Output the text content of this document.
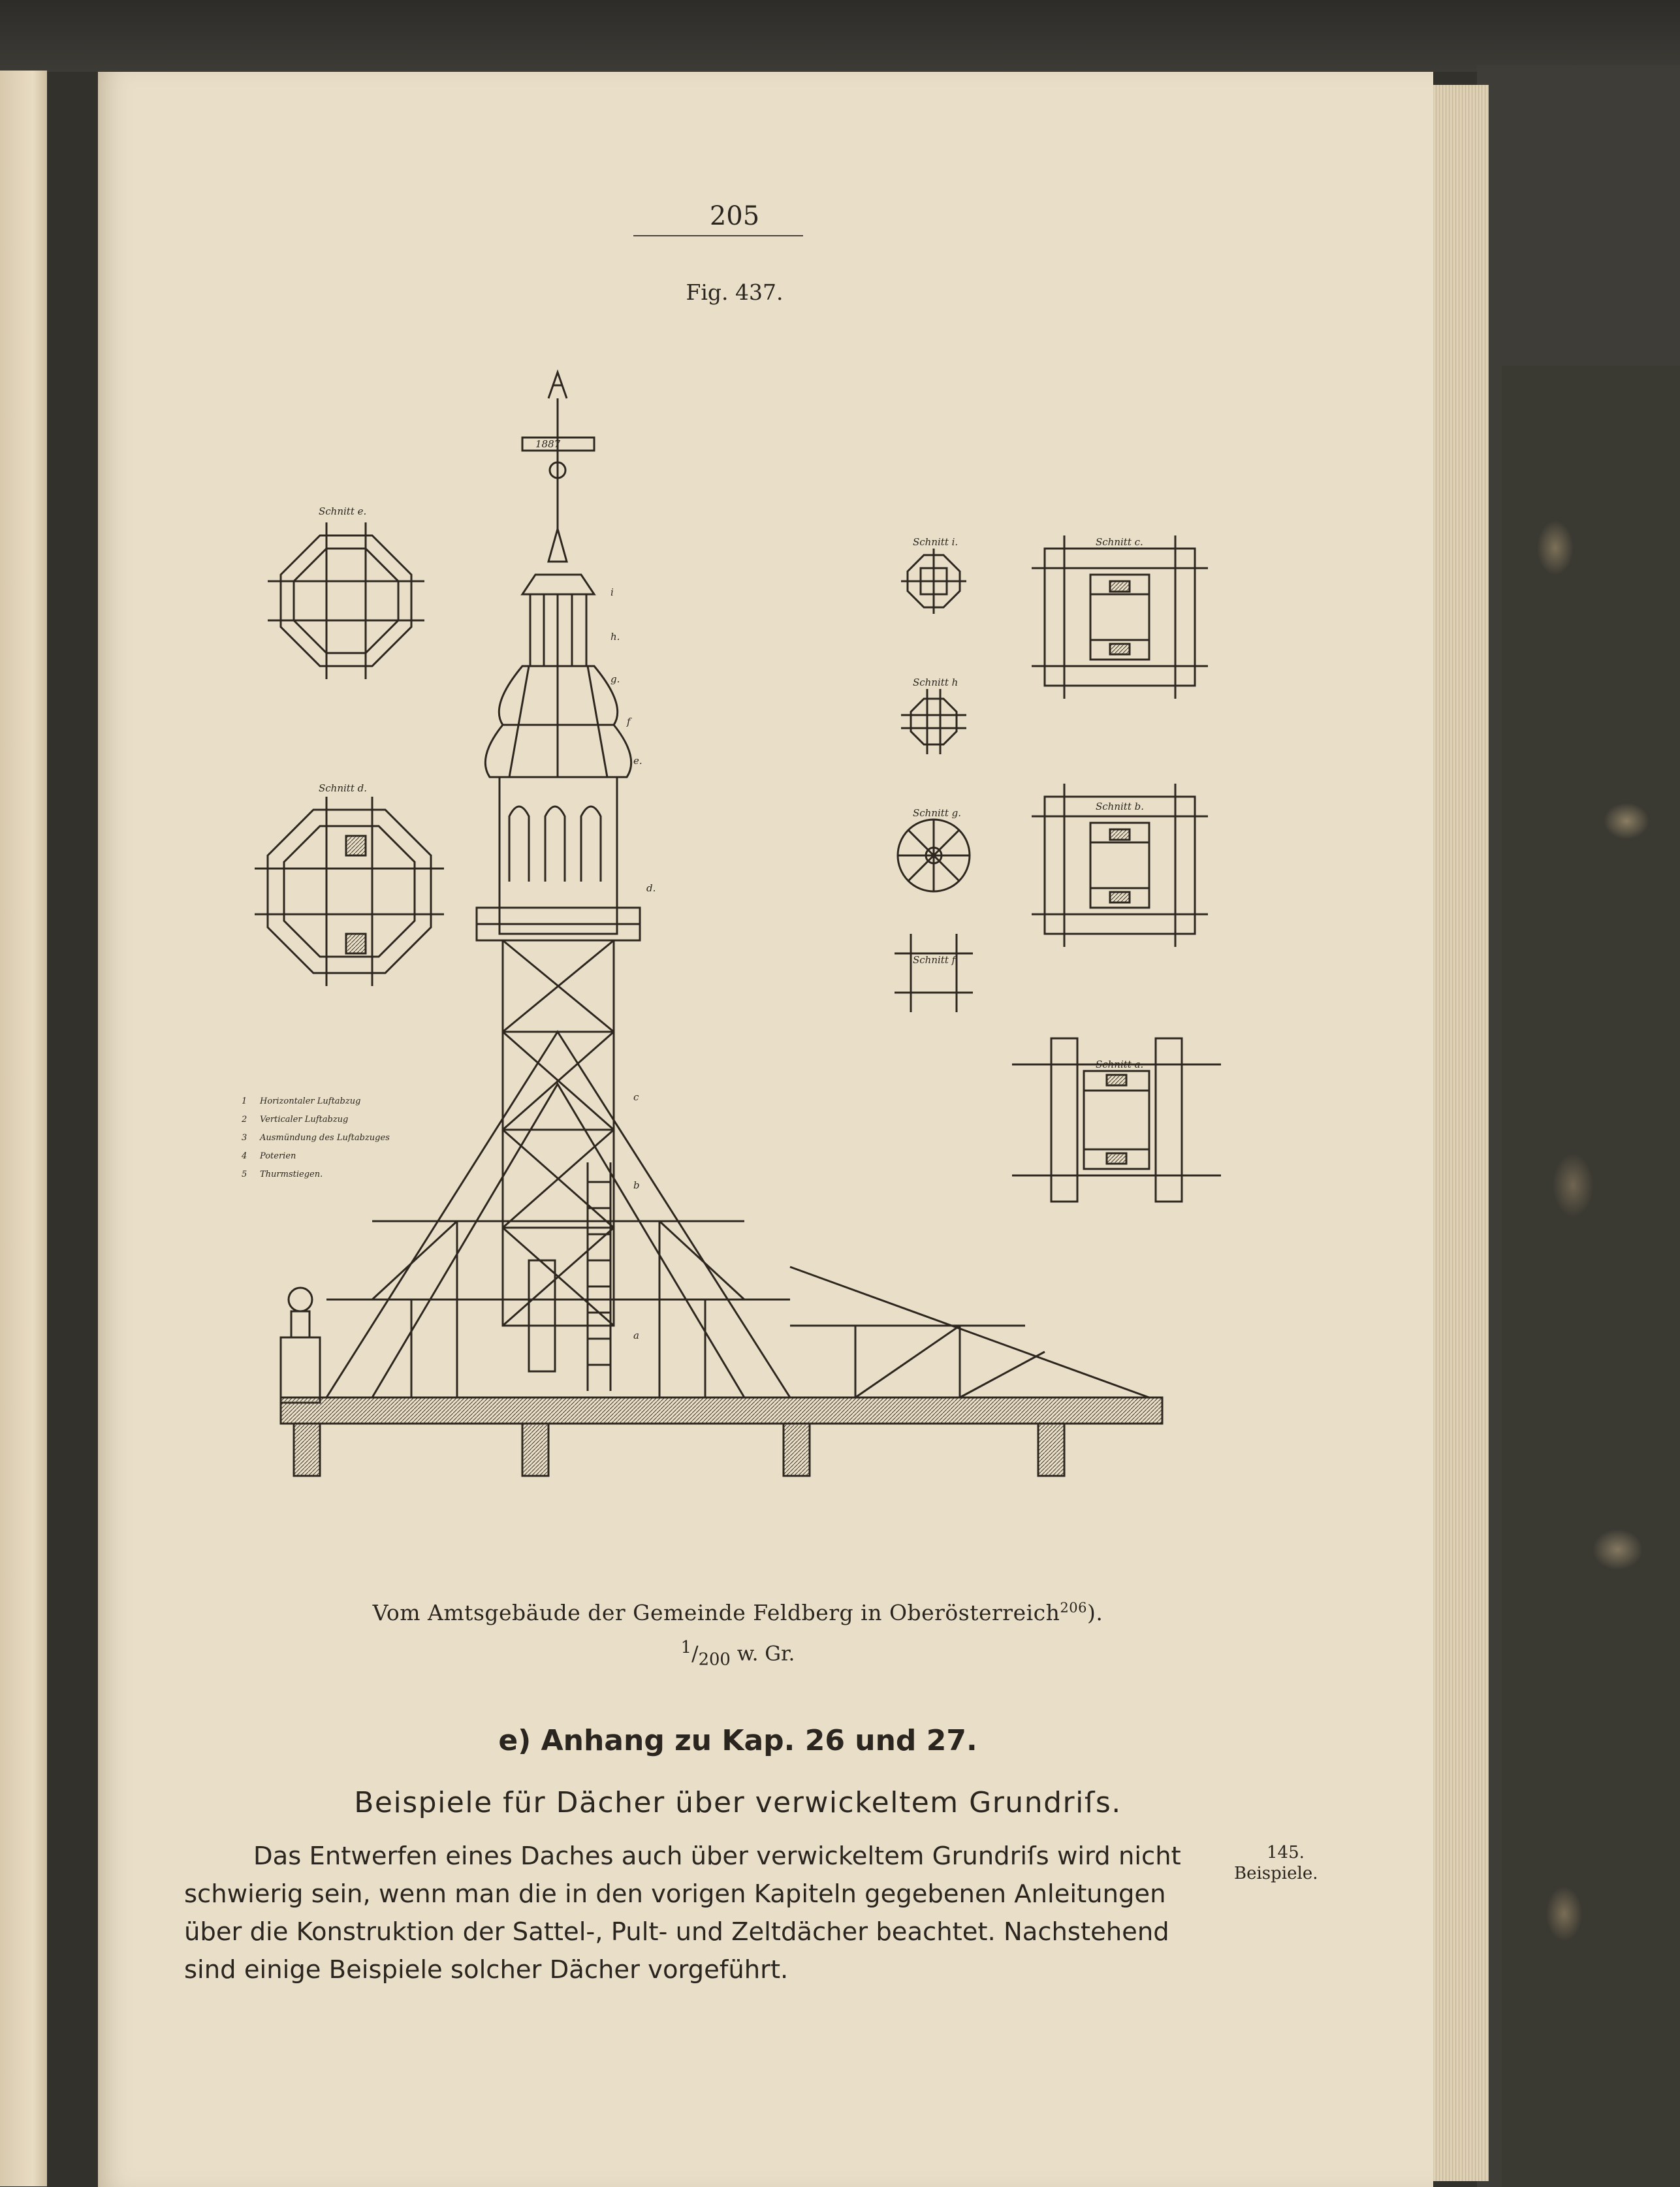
205

Fig. 437.

Schnitt e.
Schnitt d.
Schnitt i.
Schnitt h
Schnitt g.
Schnitt f.
Schnitt c.
Schnitt b.
Schnitt a.
1887
i
h.
g.
f
e.
d.
c
b
a
1 Horizontaler Luftabzug
2 Verticaler Luftabzug
3 Ausmündung des Luftabzuges
4 Poterien
5 Thurmstiegen.

Vom Amtsgebäude der Gemeinde Feldberg in Oberösterreich$^{206}$).

$^1/_{200}$ w. Gr.

e) Anhang zu Kap. 26 und 27.

Beispiele für Dächer über verwickeltem Grundriſs.

Das Entwerfen eines Daches auch über verwickeltem Grundriſs wird nicht

schwierig sein, wenn man die in den vorigen Kapiteln gegebenen Anleitungen

über die Konstruktion der Sattel-, Pult- und Zeltdächer beachtet. Nachstehend

sind einige Beispiele solcher Dächer vorgeführt.

145.

Beispiele.
